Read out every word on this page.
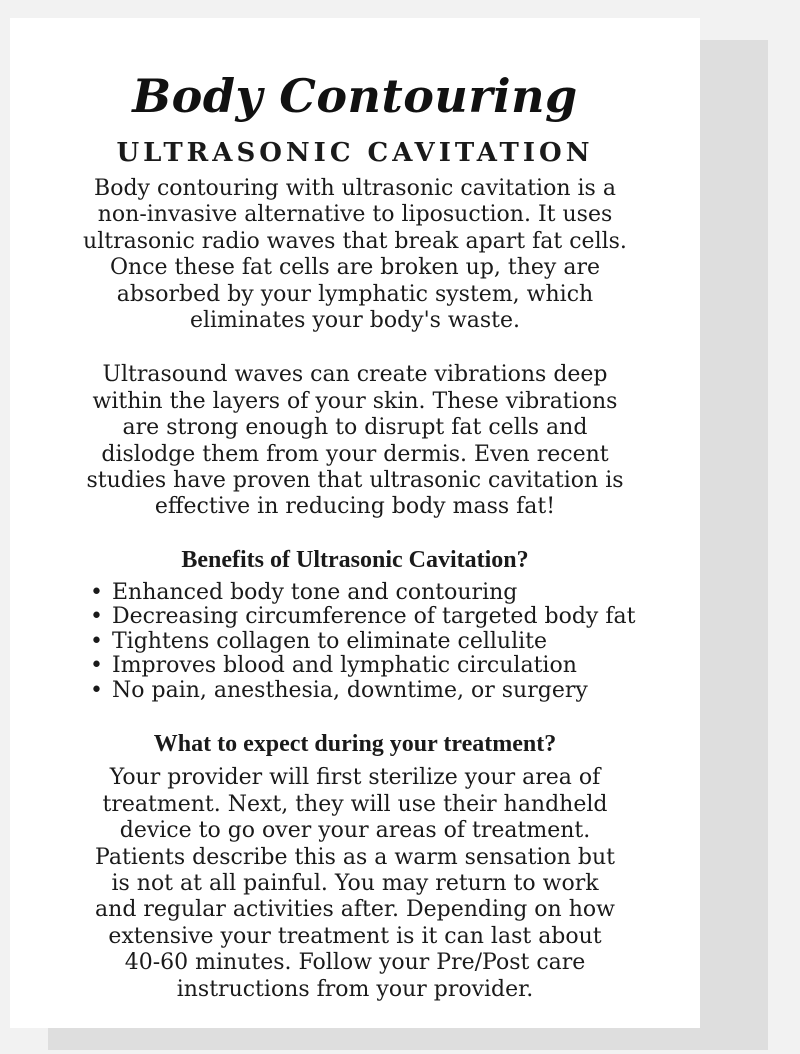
Body Contouring
ULTRASONIC CAVITATION

Body contouring with ultrasonic cavitation is a
non-invasive alternative to liposuction. It uses
ultrasonic radio waves that break apart fat cells.
Once these fat cells are broken up, they are
absorbed by your lymphatic system, which
eliminates your body's waste.

Ultrasound waves can create vibrations deep
within the layers of your skin. These vibrations
are strong enough to disrupt fat cells and
dislodge them from your dermis. Even recent
studies have proven that ultrasonic cavitation is
effective in reducing body mass fat!

Benefits of Ultrasonic Cavitation?
• Enhanced body tone and contouring
• Decreasing circumference of targeted body fat
• Tightens collagen to eliminate cellulite
• Improves blood and lymphatic circulation
• No pain, anesthesia, downtime, or surgery
What to expect during your treatment?

Your provider will first sterilize your area of
treatment. Next, they will use their handheld
device to go over your areas of treatment.
Patients describe this as a warm sensation but
is not at all painful. You may return to work
and regular activities after. Depending on how
extensive your treatment is it can last about
40-60 minutes. Follow your Pre/Post care
instructions from your provider.
